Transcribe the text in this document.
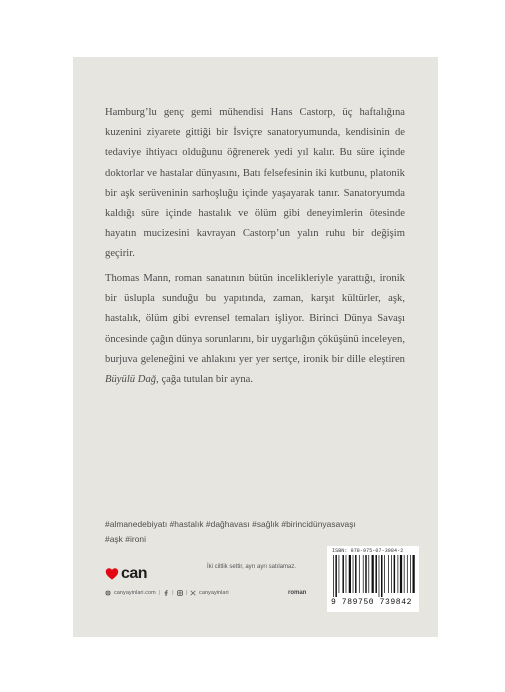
Hamburg’lu genç gemi mühendisi Hans Castorp, üç haftalığına kuzenini ziyarete gittiği bir İsviçre sanatoryumunda, kendisinin de tedaviye ihtiyacı olduğunu öğrenerek yedi yıl kalır. Bu süre içinde doktorlar ve hastalar dünyasını, Batı felsefesinin iki kutbunu, platonik bir aşk serüveninin sarhoşluğu içinde yaşayarak tanır. Sanatoryumda kaldığı süre içinde hastalık ve ölüm gibi deneyimlerin ötesinde hayatın mucizesini kavrayan Castorp’un yalın ruhu bir değişim geçirir.

Thomas Mann, roman sanatının bütün incelikleriyle yarattığı, ironik bir üslupla sunduğu bu yapıtında, zaman, karşıt kültürler, aşk, hastalık, ölüm gibi evrensel temaları işliyor. Birinci Dünya Savaşı öncesinde çağın dünya sorunlarını, bir uygarlığın çöküşünü inceleyen, burjuva geleneğini ve ahlakını yer yer sertçe, ironik bir dille eleştiren Büyülü Dağ, çağa tutulan bir ayna.

#almanedebiyatı #hastalık #dağhavası #sağlık #birincidünyasavaşı
#aşk #ironi
can	İki ciltlik settir, ayrı ayrı satılamaz.
canyayinlari.com | | | canyayinlari	roman
ISBN: 978-975-07-3984-2
9 789750 739842
